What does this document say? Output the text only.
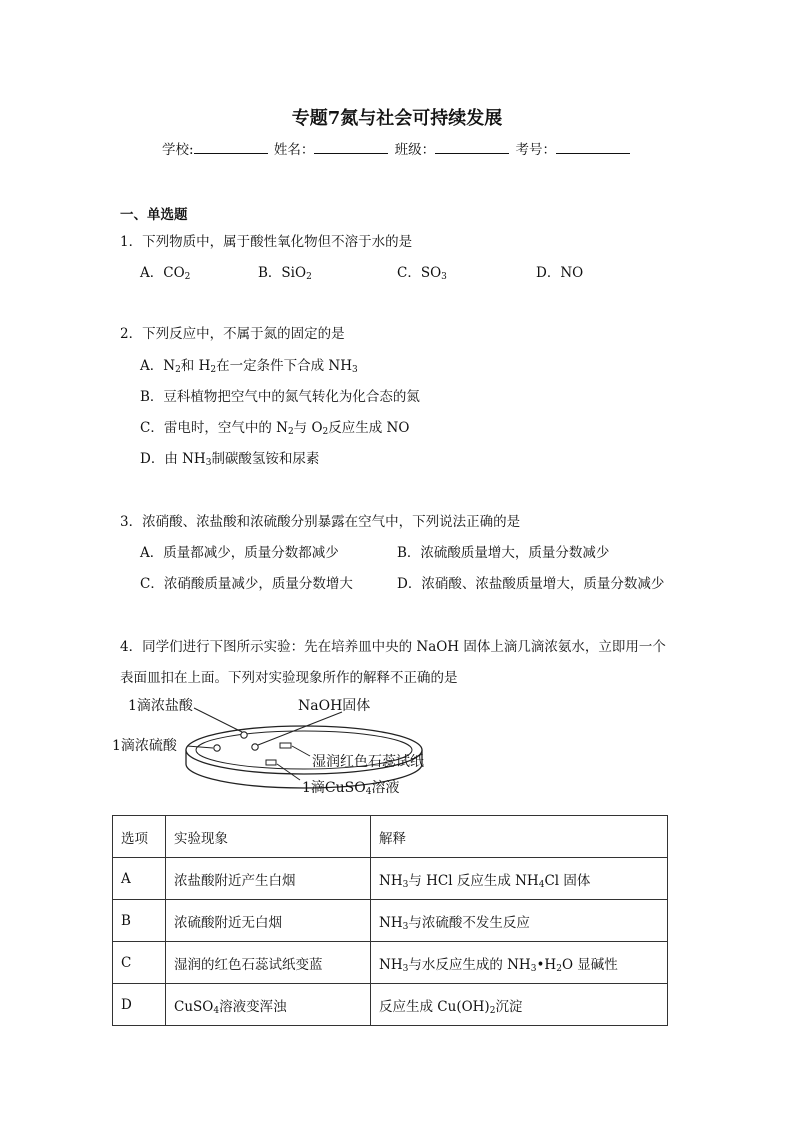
专题7氮与社会可持续发展
学校:	姓名：	班级：	考号：
一、单选题
1．下列物质中，属于酸性氧化物但不溶于水的是
A．$CO_2$	B．SiO$_2$	C．$SO_3$	D．NO
2．下列反应中，不属于氮的固定的是
A．$N_2$和 $H_2$在一定条件下合成 $NH_3$
B．豆科植物把空气中的氮气转化为化合态的氮
C．雷电时，空气中的 $N_2$与 $O_2$反应生成 NO
D．由 $NH_3$制碳酸氢铵和尿素
3．浓硝酸、浓盐酸和浓硫酸分别暴露在空气中，下列说法正确的是
A．质量都减少，质量分数都减少	B．浓硫酸质量增大，质量分数减少
C．浓硝酸质量减少，质量分数增大	D．浓硝酸、浓盐酸质量增大，质量分数减少
4．同学们进行下图所示实验：先在培养皿中央的 NaOH 固体上滴几滴浓氨水，立即用一个
表面皿扣在上面。下列对实验现象所作的解释不正确的是
1滴浓盐酸
1滴浓硫酸
NaOH固体
湿润红色石蕊试纸
1滴CuSO$_4$溶液
选项	实验现象	解释
A	浓盐酸附近产生白烟	$NH_3$与 HCl 反应生成 $NH_4Cl$ 固体
B	浓硫酸附近无白烟	$NH_3$与浓硫酸不发生反应
C	湿润的红色石蕊试纸变蓝	$NH_3$与水反应生成的 $NH_3•H_2O$ 显碱性
D	CuSO$_4$溶液变浑浊	反应生成 $Cu(OH)_2$沉淀
